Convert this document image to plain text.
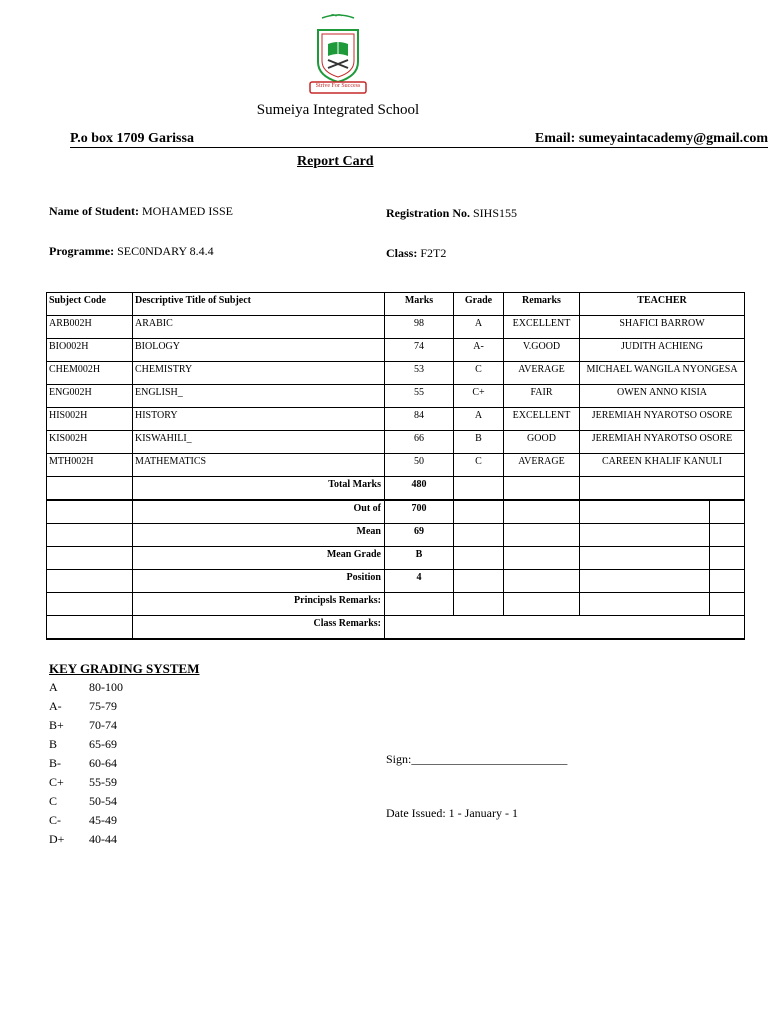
Strive For Success
Sumeiya Integrated School
P.o box 1709 Garissa	Email: sumeyaintacademy@gmail.com
Report Card
Name of Student: MOHAMED ISSE	Registration No. SIHS155
Programme: SEC0NDARY 8.4.4	Class: F2T2
Subject Code	Descriptive Title of Subject	Marks	Grade	Remarks	TEACHER	
ARB002H	ARABIC	98	A	EXCELLENT	SHAFICI BARROW	
BIO002H	BIOLOGY	74	A-	V.GOOD	JUDITH ACHIENG	
CHEM002H	CHEMISTRY	53	C	AVERAGE	MICHAEL WANGILA NYONGESA	
ENG002H	ENGLISH_	55	C+	FAIR	OWEN ANNO KISIA	
HIS002H	HISTORY	84	A	EXCELLENT	JEREMIAH NYAROTSO OSORE	
KIS002H	KISWAHILI_	66	B	GOOD	JEREMIAH NYAROTSO OSORE	
MTH002H	MATHEMATICS	50	C	AVERAGE	CAREEN KHALIF KANULI	
	Total Marks	480				
	Out of	700				
	Mean	69				
	Mean Grade	B				
	Position	4				
	Principsls Remarks:					
	Class Remarks:					
KEY GRADING SYSTEM
A	80-100
A-	75-79
B+	70-74
B	65-69
B-	60-64
C+	55-59
C	50-54
C-	45-49
D+	40-44
Sign:__________________________
Date Issued: 1 - January - 1
